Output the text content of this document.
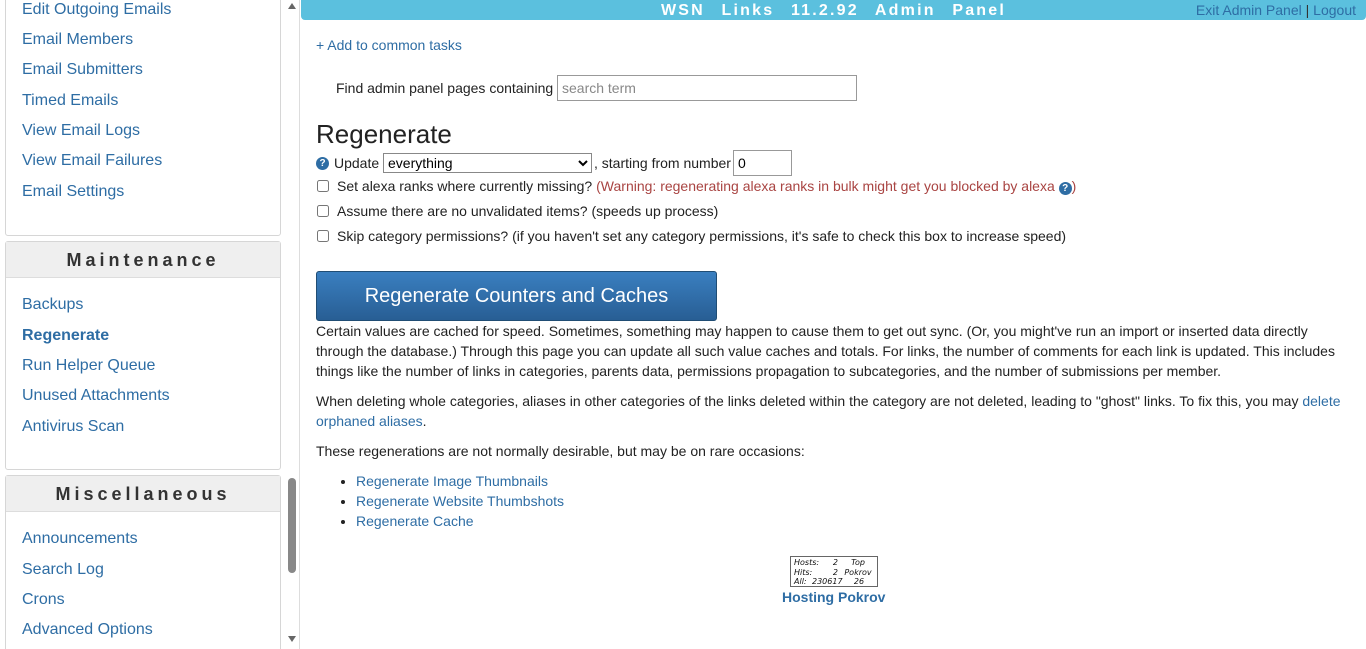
Edit Outgoing Emails
Email Members
Email Submitters
Timed Emails
View Email Logs
View Email Failures
Email Settings
Maintenance
Backups
Regenerate
Run Helper Queue
Unused Attachments
Antivirus Scan
Miscellaneous
Announcements
Search Log
Crons
Advanced Options
WSN Links 11.2.92 Admin Panel	Exit Admin Panel | Logout
+ Add to common tasks
Find admin panel pages containing
search term
Regenerate
? Update
everything	, starting from number
0
Set alexa ranks where currently missing? (Warning: regenerating alexa ranks in bulk might get you blocked by alexa ? )
Assume there are no unvalidated items? (speeds up process)
Skip category permissions? (if you haven't set any category permissions, it's safe to check this box to increase speed)
Regenerate Counters and Caches
Certain values are cached for speed. Sometimes, something may happen to cause them to get out sync. (Or, you might've run an import or inserted data directly through the database.) Through this page you can update all such value caches and totals. For links, the number of comments for each link is updated. This includes things like the number of links in categories, parents data, permissions propagation to subcategories, and the number of submissions per member.
When deleting whole categories, aliases in other categories of the links deleted within the category are not deleted, leading to "ghost" links. To fix this, you may delete orphaned aliases.
These regenerations are not normally desirable, but may be on rare occasions:
• Regenerate Image Thumbnails
• Regenerate Website Thumbshots
• Regenerate Cache
Hosts:	2	Top
Hits:	2 Pokrov
All: 230617	26
Hosting Pokrov
